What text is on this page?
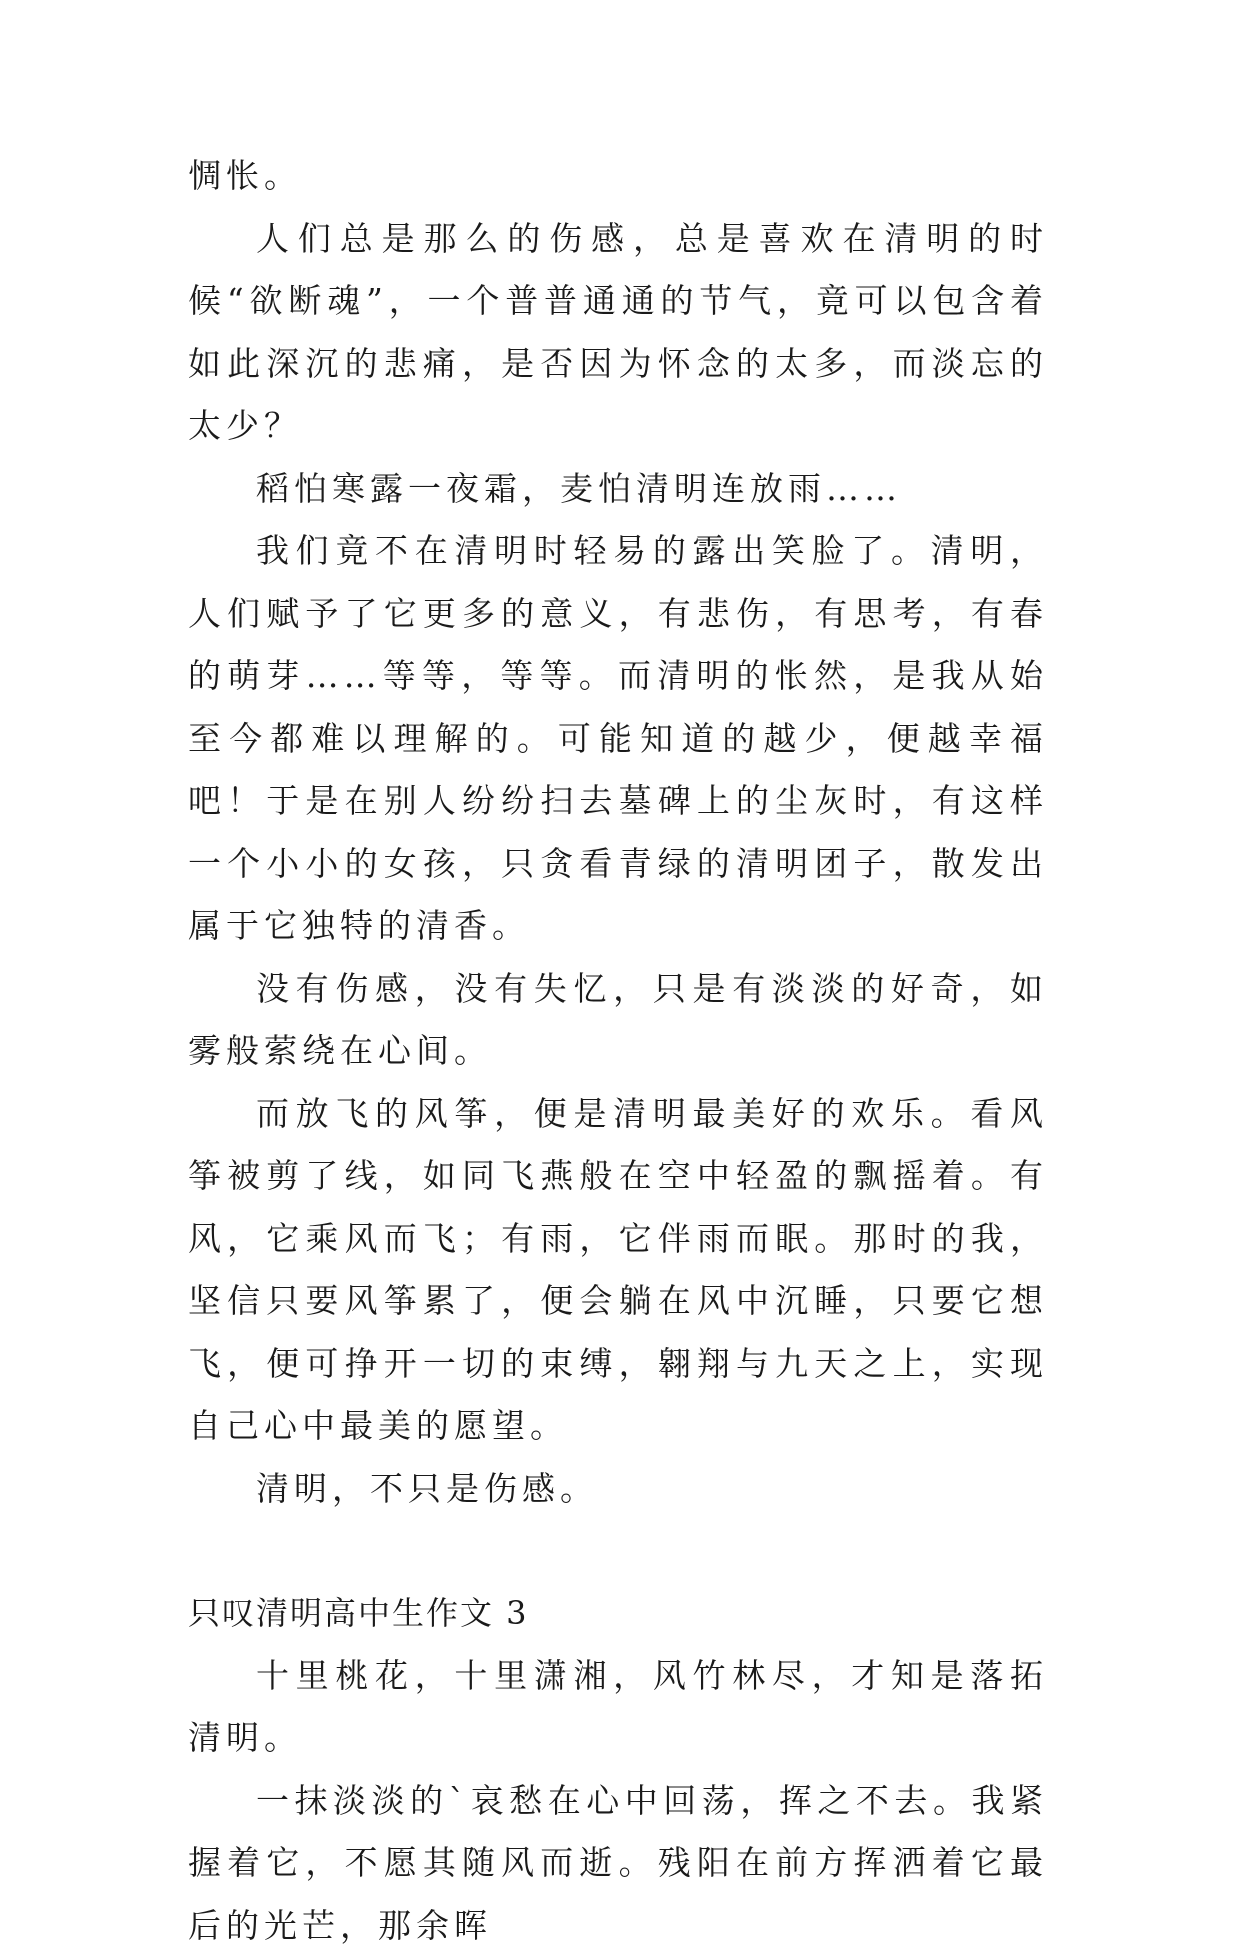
惆怅。

人们总是那么的伤感，总是喜欢在清明的时候“欲断魂”，一个普普通通的节气，竟可以包含着如此深沉的悲痛，是否因为怀念的太多，而淡忘的太少？

稻怕寒露一夜霜，麦怕清明连放雨……

我们竟不在清明时轻易的露出笑脸了。清明，人们赋予了它更多的意义，有悲伤，有思考，有春的萌芽……等等，等等。而清明的怅然，是我从始至今都难以理解的。可能知道的越少，便越幸福吧！于是在别人纷纷扫去墓碑上的尘灰时，有这样一个小小的女孩，只贪看青绿的清明团子，散发出属于它独特的清香。

没有伤感，没有失忆，只是有淡淡的好奇，如雾般萦绕在心间。

而放飞的风筝，便是清明最美好的欢乐。看风筝被剪了线，如同飞燕般在空中轻盈的飘摇着。有风，它乘风而飞；有雨，它伴雨而眠。那时的我，坚信只要风筝累了，便会躺在风中沉睡，只要它想飞，便可挣开一切的束缚，翱翔与九天之上，实现自己心中最美的愿望。

清明，不只是伤感。

只叹清明高中生作文 3

十里桃花，十里潇湘，风竹林尽，才知是落拓清明。

一抹淡淡的`哀愁在心中回荡，挥之不去。我紧握着它，不愿其随风而逝。残阳在前方挥洒着它最后的光芒，那余晖
